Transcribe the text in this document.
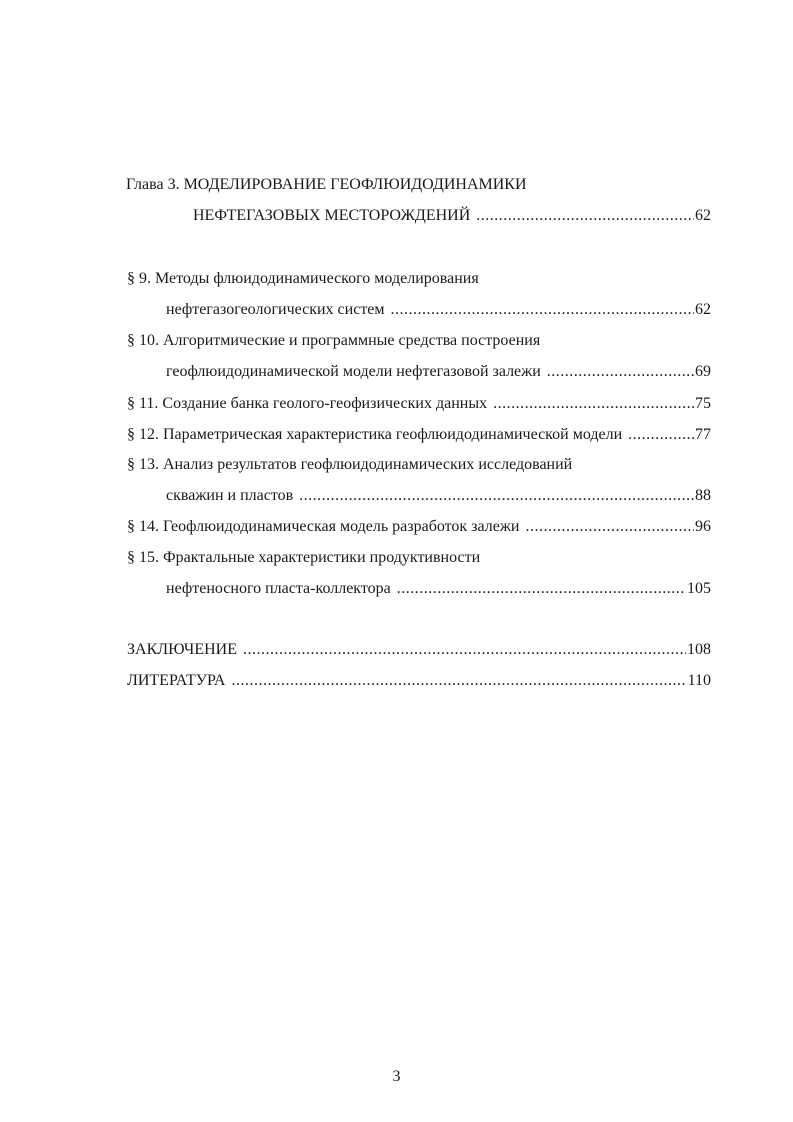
Глава 3. МОДЕЛИРОВАНИЕ ГЕОФЛЮИДОДИНАМИКИ
НЕФТЕГАЗОВЫХ МЕСТОРОЖДЕНИЙ .....	62
§ 9. Методы флюидодинамического моделирования
нефтегазогеологических систем .....	62
§ 10. Алгоритмические и программные средства построения
геофлюидодинамической модели нефтегазовой залежи .....	69
§ 11. Создание банка геолого-геофизических данных .....	75
§ 12. Параметрическая характеристика геофлюидодинамической модели .....	77
§ 13. Анализ результатов геофлюидодинамических исследований
скважин и пластов .....	88
§ 14. Геофлюидодинамическая модель разработок залежи .....	96
§ 15. Фрактальные характеристики продуктивности
нефтеносного пласта-коллектора .....	105
ЗАКЛЮЧЕНИЕ .....	108
ЛИТЕРАТУРА .....	110
3
